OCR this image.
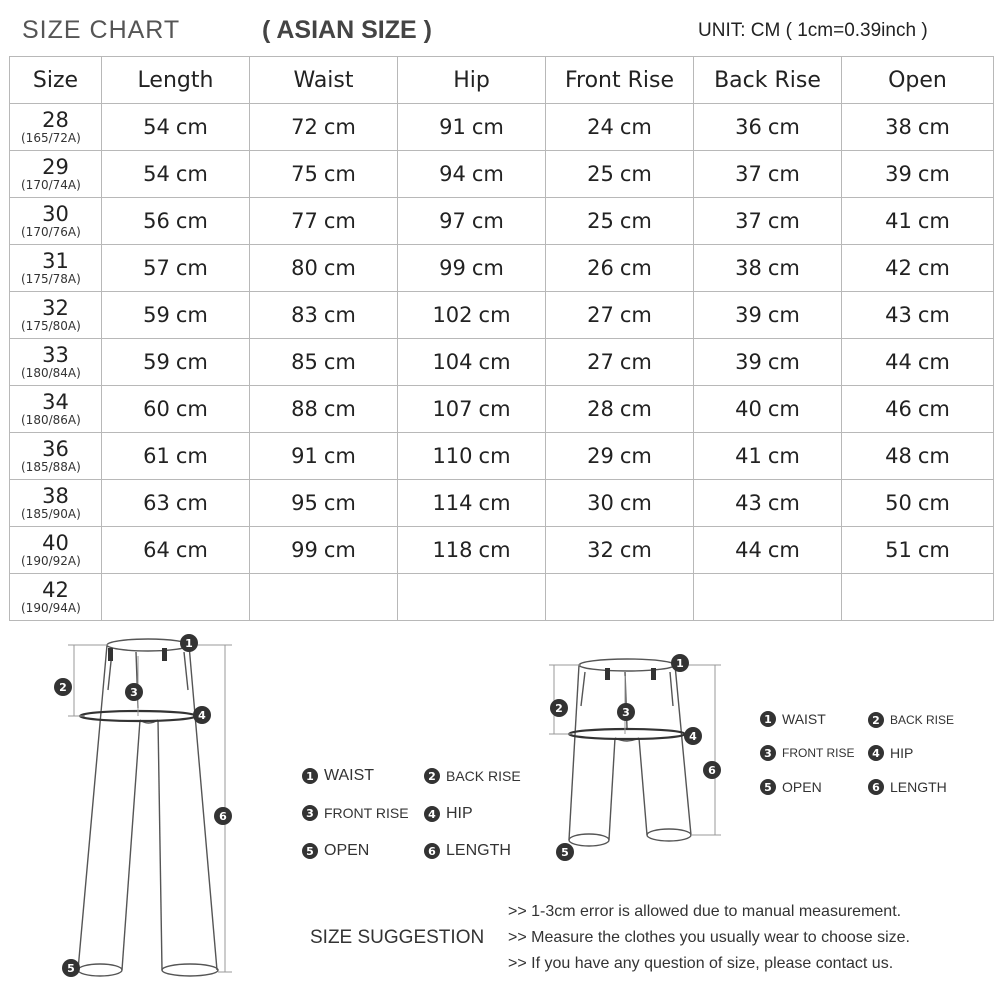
SIZE CHART	( ASIAN SIZE )	UNIT: CM ( 1cm=0.39inch )
Size	Length	Waist	Hip	Front Rise	Back Rise	Open

28
(165/72A)	54 cm	72 cm	91 cm	24 cm	36 cm	38 cm

29
(170/74A)	54 cm	75 cm	94 cm	25 cm	37 cm	39 cm

30
(170/76A)	56 cm	77 cm	97 cm	25 cm	37 cm	41 cm

31
(175/78A)	57 cm	80 cm	99 cm	26 cm	38 cm	42 cm

32
(175/80A)	59 cm	83 cm	102 cm	27 cm	39 cm	43 cm

33
(180/84A)	59 cm	85 cm	104 cm	27 cm	39 cm	44 cm

34
(180/86A)	60 cm	88 cm	107 cm	28 cm	40 cm	46 cm

36
(185/88A)	61 cm	91 cm	110 cm	29 cm	41 cm	48 cm

38
(185/90A)	63 cm	95 cm	114 cm	30 cm	43 cm	50 cm

40
(190/92A)	64 cm	99 cm	118 cm	32 cm	44 cm	51 cm

42
(190/94A)						

1
2	3
4
5
6
1
2	3
4
5
6
1 WAIST	2 BACK RISE
3 FRONT RISE	4 HIP
5 OPEN	6 LENGTH
1 WAIST	2 BACK RISE
3 FRONT RISE	4 HIP
5 OPEN	6 LENGTH
SIZE SUGGESTION
>> 1-3cm error is allowed due to manual measurement.
>> Measure the clothes you usually wear to choose size.
>> If you have any question of size, please contact us.
